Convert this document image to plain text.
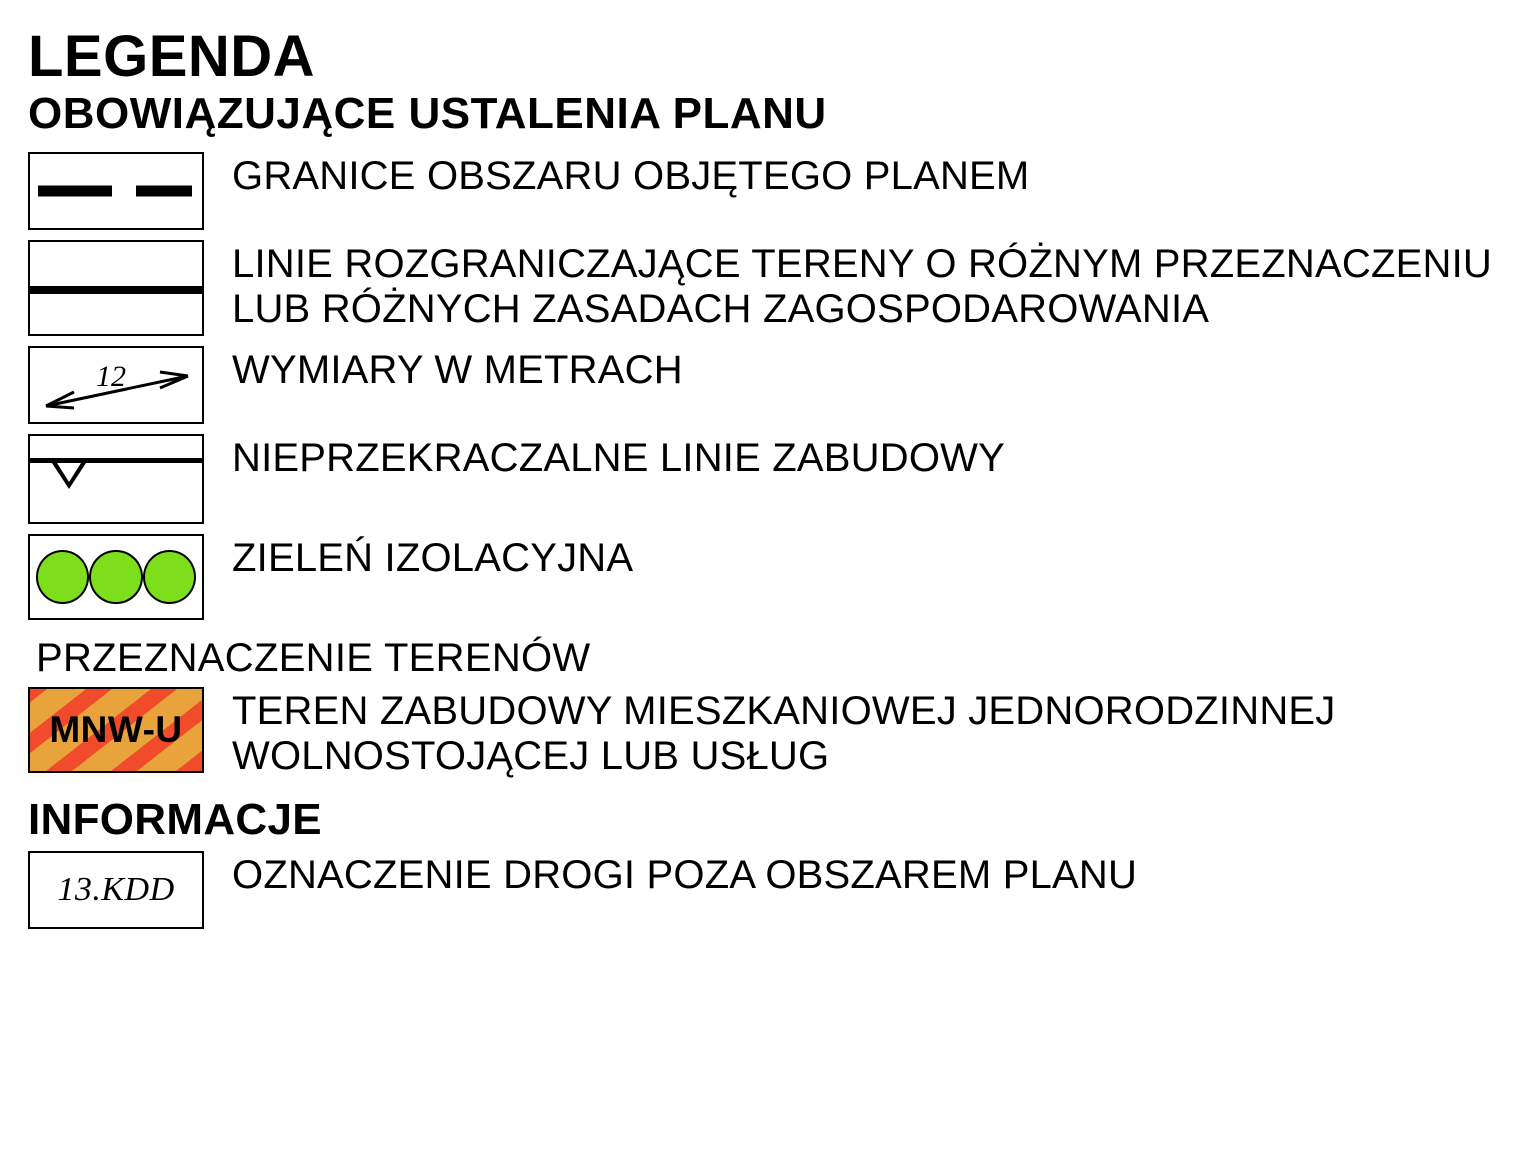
LEGENDA
OBOWIĄZUJĄCE USTALENIA PLANU
GRANICE OBSZARU OBJĘTEGO PLANEM
LINIE ROZGRANICZAJĄCE TERENY O RÓŻNYM PRZEZNACZENIU LUB RÓŻNYCH ZASADACH ZAGOSPODAROWANIA
12	WYMIARY W METRACH
NIEPRZEKRACZALNE LINIE ZABUDOWY
ZIELEŃ IZOLACYJNA
PRZEZNACZENIE TERENÓW
MNW-U TEREN ZABUDOWY MIESZKANIOWEJ JEDNORODZINNEJ WOLNOSTOJĄCEJ LUB USŁUG
INFORMACJE
13.KDD OZNACZENIE DROGI POZA OBSZAREM PLANU
